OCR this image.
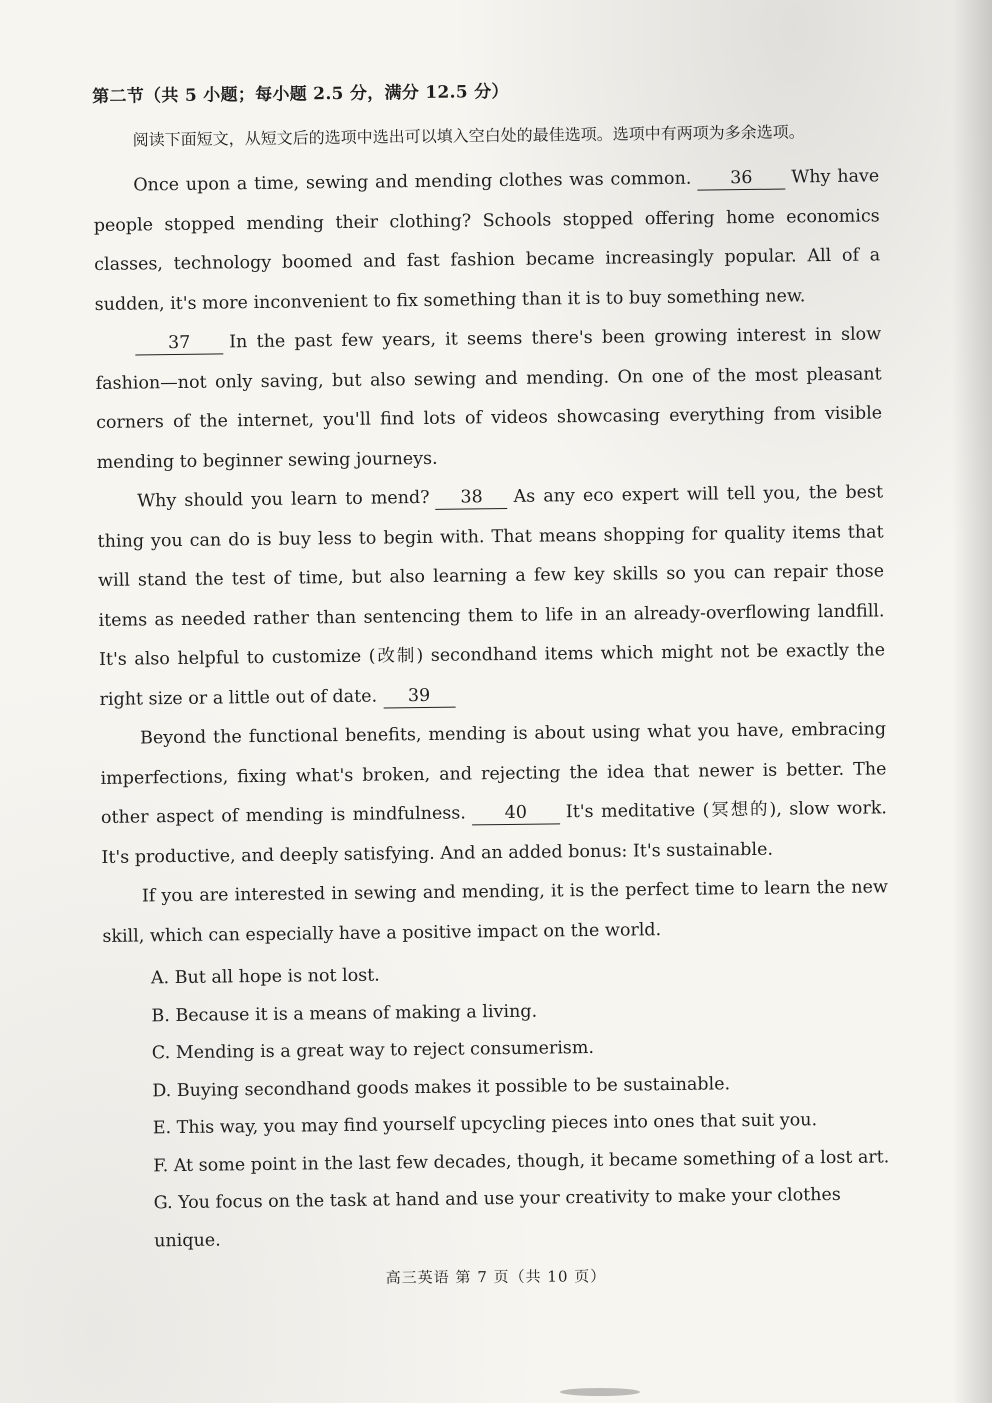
第二节（共 5 小题；每小题 2.5 分，满分 12.5 分）

阅读下面短文，从短文后的选项中选出可以填入空白处的最佳选项。选项中有两项为多余选项。

Once upon a time, sewing and mending clothes was common. 36 Why have people stopped mending their clothing? Schools stopped offering home economics classes, technology boomed and fast fashion became increasingly popular. All of a sudden, it's more inconvenient to fix something than it is to buy something new.

37 In the past few years, it seems there's been growing interest in slow fashion—not only saving, but also sewing and mending. On one of the most pleasant corners of the internet, you'll find lots of videos showcasing everything from visible mending to beginner sewing journeys.

Why should you learn to mend? 38 As any eco expert will tell you, the best thing you can do is buy less to begin with. That means shopping for quality items that will stand the test of time, but also learning a few key skills so you can repair those items as needed rather than sentencing them to life in an already-overflowing landfill. It's also helpful to customize (改制) secondhand items which might not be exactly the right size or a little out of date. 39

Beyond the functional benefits, mending is about using what you have, embracing imperfections, fixing what's broken, and rejecting the idea that newer is better. The other aspect of mending is mindfulness. 40 It's meditative (冥想的), slow work. It's productive, and deeply satisfying. And an added bonus: It's sustainable.

If you are interested in sewing and mending, it is the perfect time to learn the new skill, which can especially have a positive impact on the world.

A. But all hope is not lost.
B. Because it is a means of making a living.
C. Mending is a great way to reject consumerism.
D. Buying secondhand goods makes it possible to be sustainable.
E. This way, you may find yourself upcycling pieces into ones that suit you.
F. At some point in the last few decades, though, it became something of a lost art.
G. You focus on the task at hand and use your creativity to make your clothes unique.
高三英语 第 7 页（共 10 页）
